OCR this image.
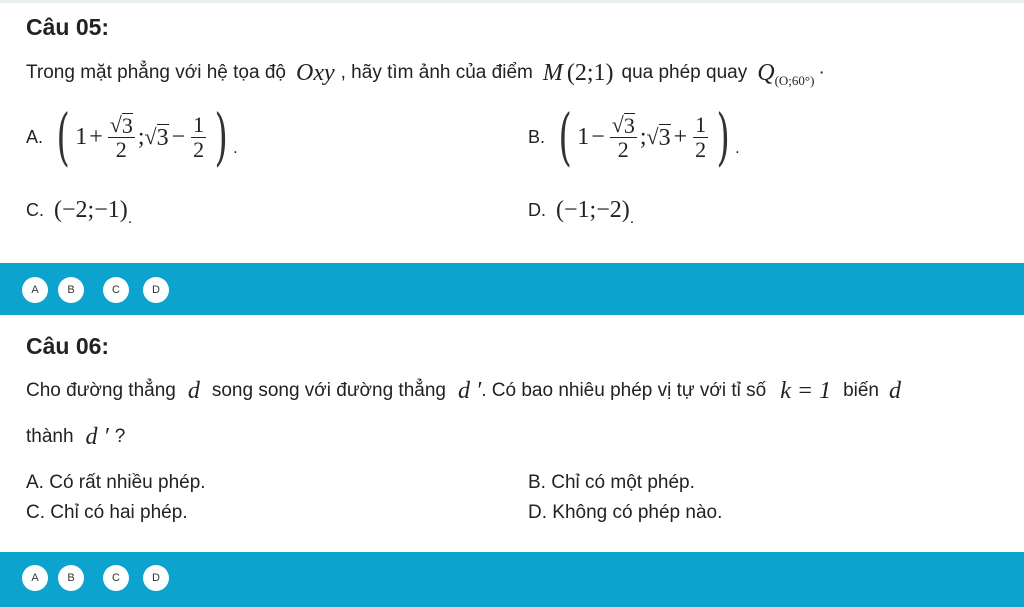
Câu 05:
Trong mặt phẳng với hệ tọa độ Oxy , hãy tìm ảnh của điểm M (2;1) qua phép quay Q (O;60°) ·
A. ( $1 + \frac{√ 3}{2}$ ; √ $3 - \frac{1}{2}$ ) .
B. ( $1 - \frac{√ 3}{2}$ ; √ $3 + \frac{1}{2}$ ) .
C. (−2;−1) .	D. (−1;−2) .
A	B	C	D
Câu 06:
Cho đường thẳng d song song với đường thẳng d ′ . Có bao nhiêu phép vị tự với tỉ số k = 1 biến d
thành d ′ ?
A. Có rất nhiều phép.	B. Chỉ có một phép.
C. Chỉ có hai phép.	D. Không có phép nào.
A	B	C	D
